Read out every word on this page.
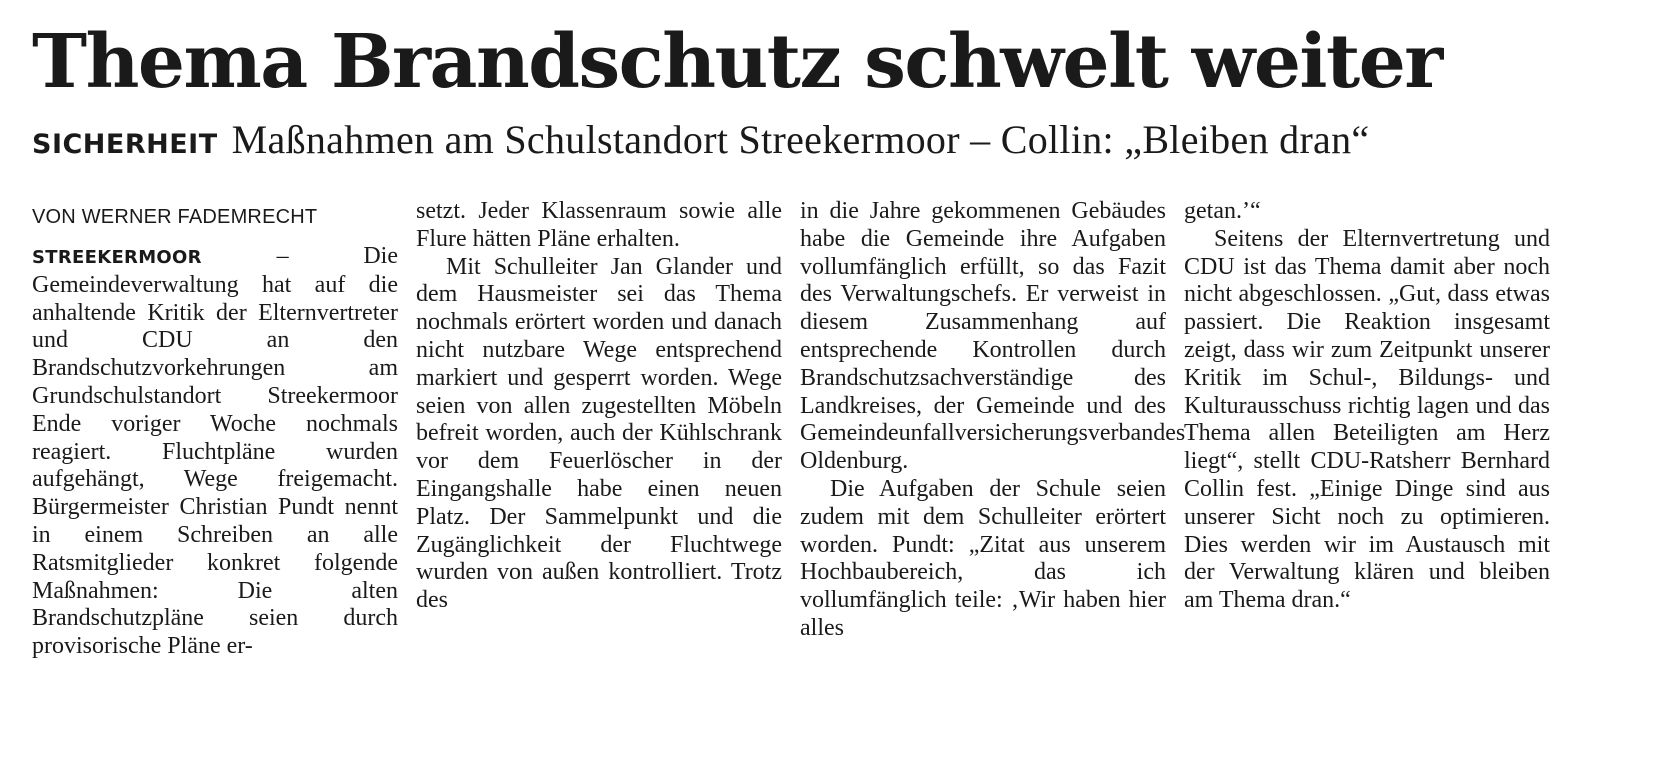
Thema Brandschutz schwelt weiter
SICHERHEIT Maßnahmen am Schulstandort Streekermoor – Collin: „Bleiben dran“

VON WERNER FADEMRECHT

STREEKERMOOR – Die Gemeindeverwaltung hat auf die anhaltende Kritik der Elternvertreter und CDU an den Brandschutzvorkehrungen am Grundschulstandort Streekermoor Ende voriger Woche nochmals reagiert. Fluchtpläne wurden aufgehängt, Wege freigemacht. Bürgermeister Christian Pundt nennt in einem Schreiben an alle Ratsmitglieder konkret folgende Maßnahmen: Die alten Brandschutzpläne seien durch provisorische Pläne er-

setzt. Jeder Klassenraum sowie alle Flure hätten Pläne erhalten.

Mit Schulleiter Jan Glander und dem Hausmeister sei das Thema nochmals erörtert worden und danach nicht nutzbare Wege entsprechend markiert und gesperrt worden. Wege seien von allen zugestellten Möbeln befreit worden, auch der Kühlschrank vor dem Feuerlöscher in der Eingangshalle habe einen neuen Platz. Der Sammelpunkt und die Zugänglichkeit der Fluchtwege wurden von außen kontrolliert. Trotz des

in die Jahre gekommenen Gebäudes habe die Gemeinde ihre Aufgaben vollumfänglich erfüllt, so das Fazit des Verwaltungschefs. Er verweist in diesem Zusammenhang auf entsprechende Kontrollen durch Brandschutzsachverständige des Landkreises, der Gemeinde und des Gemeindeunfallversicherungsverbandes Oldenburg.

Die Aufgaben der Schule seien zudem mit dem Schulleiter erörtert worden. Pundt: „Zitat aus unserem Hochbaubereich, das ich vollumfänglich teile: ‚Wir haben hier alles

getan.’“

Seitens der Elternvertretung und CDU ist das Thema damit aber noch nicht abgeschlossen. „Gut, dass etwas passiert. Die Reaktion insgesamt zeigt, dass wir zum Zeitpunkt unserer Kritik im Schul-, Bildungs- und Kulturausschuss richtig lagen und das Thema allen Beteiligten am Herz liegt“, stellt CDU-Ratsherr Bernhard Collin fest. „Einige Dinge sind aus unserer Sicht noch zu optimieren. Dies werden wir im Austausch mit der Verwaltung klären und bleiben am Thema dran.“
